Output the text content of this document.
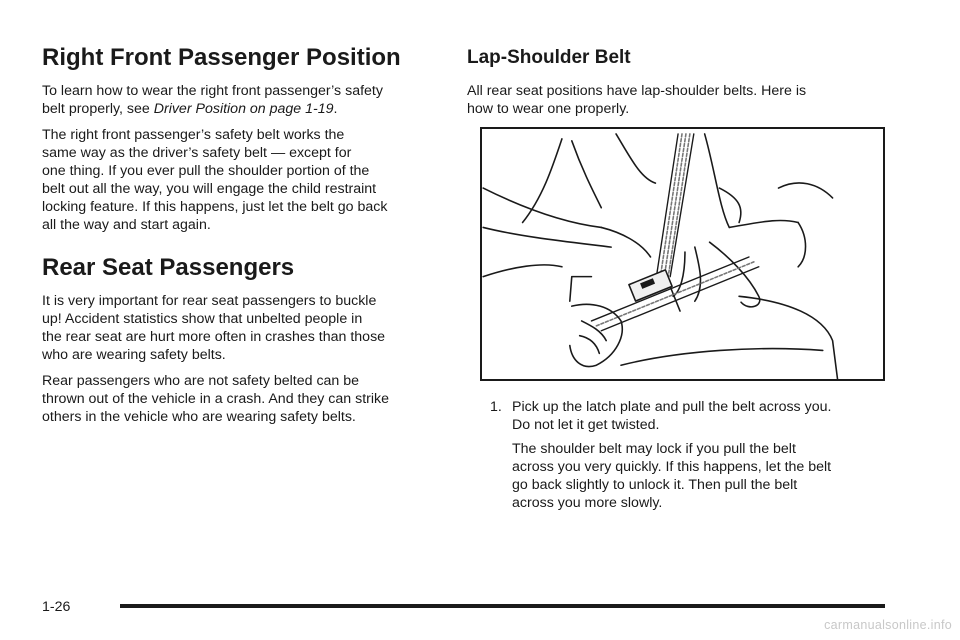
Right Front Passenger Position

To learn how to wear the right front passenger’s safety
belt properly, see Driver Position on page 1-19.

The right front passenger’s safety belt works the
same way as the driver’s safety belt — except for
one thing. If you ever pull the shoulder portion of the
belt out all the way, you will engage the child restraint
locking feature. If this happens, just let the belt go back
all the way and start again.

Rear Seat Passengers

It is very important for rear seat passengers to buckle
up! Accident statistics show that unbelted people in
the rear seat are hurt more often in crashes than those
who are wearing safety belts.

Rear passengers who are not safety belted can be
thrown out of the vehicle in a crash. And they can strike
others in the vehicle who are wearing safety belts.

Lap-Shoulder Belt

All rear seat positions have lap-shoulder belts. Here is
how to wear one properly.

1. Pick up the latch plate and pull the belt across you.
Do not let it get twisted.

The shoulder belt may lock if you pull the belt
across you very quickly. If this happens, let the belt
go back slightly to unlock it. Then pull the belt
across you more slowly.

1-26
carmanualsonline.info
